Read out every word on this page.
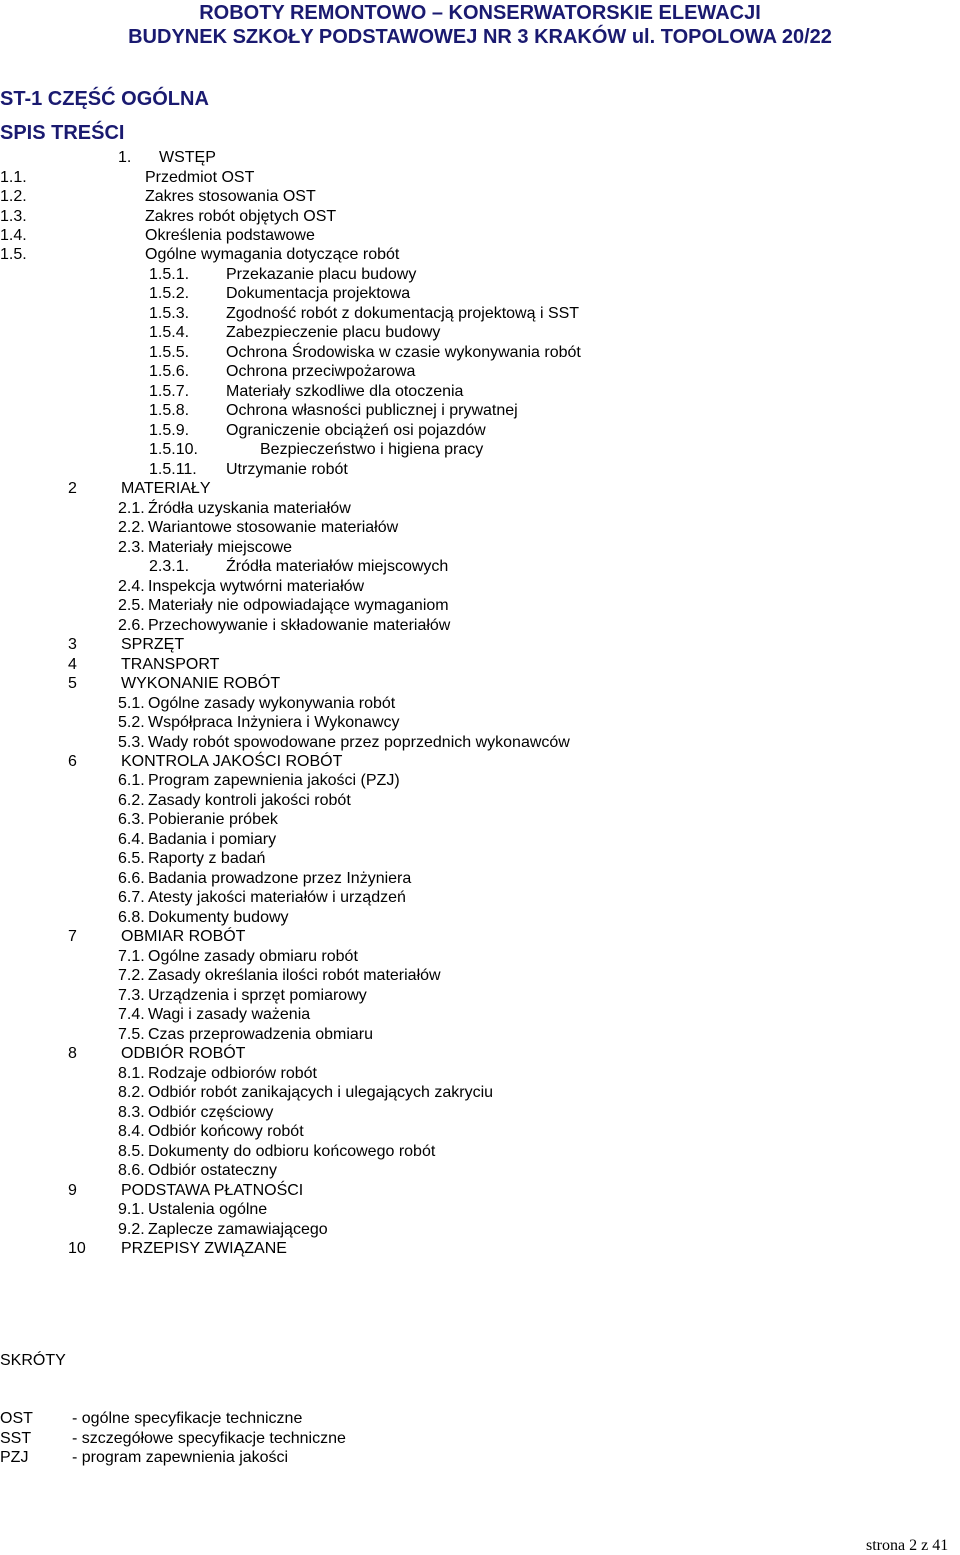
ROBOTY REMONTOWO – KONSERWATORSKIE ELEWACJI
BUDYNEK SZKOŁY PODSTAWOWEJ NR 3 KRAKÓW ul. TOPOLOWA 20/22
ST-1 CZĘŚĆ OGÓLNA
SPIS TREŚCI
1. WSTĘP
1.1.	Przedmiot OST
1.2.	Zakres stosowania OST
1.3.	Zakres robót objętych OST
1.4.	Określenia podstawowe
1.5.	Ogólne wymagania dotyczące robót
1.5.1. Przekazanie placu budowy
1.5.2. Dokumentacja projektowa
1.5.3. Zgodność robót z dokumentacją projektową i SST
1.5.4. Zabezpieczenie placu budowy
1.5.5. Ochrona Środowiska w czasie wykonywania robót
1.5.6. Ochrona przeciwpożarowa
1.5.7. Materiały szkodliwe dla otoczenia
1.5.8. Ochrona własności publicznej i prywatnej
1.5.9. Ograniczenie obciążeń osi pojazdów
1.5.10.	Bezpieczeństwo i higiena pracy
1.5.11. Utrzymanie robót
2	MATERIAŁY
2.1. Źródła uzyskania materiałów
2.2. Wariantowe stosowanie materiałów
2.3. Materiały miejscowe
2.3.1. Źródła materiałów miejscowych
2.4. Inspekcja wytwórni materiałów
2.5. Materiały nie odpowiadające wymaganiom
2.6. Przechowywanie i składowanie materiałów
3	SPRZĘT
4	TRANSPORT
5	WYKONANIE ROBÓT
5.1. Ogólne zasady wykonywania robót
5.2. Współpraca Inżyniera i Wykonawcy
5.3. Wady robót spowodowane przez poprzednich wykonawców
6	KONTROLA JAKOŚCI ROBÓT
6.1. Program zapewnienia jakości (PZJ)
6.2. Zasady kontroli jakości robót
6.3. Pobieranie próbek
6.4. Badania i pomiary
6.5. Raporty z badań
6.6. Badania prowadzone przez Inżyniera
6.7. Atesty jakości materiałów i urządzeń
6.8. Dokumenty budowy
7	OBMIAR ROBÓT
7.1. Ogólne zasady obmiaru robót
7.2. Zasady określania ilości robót materiałów
7.3. Urządzenia i sprzęt pomiarowy
7.4. Wagi i zasady ważenia
7.5. Czas przeprowadzenia obmiaru
8	ODBIÓR ROBÓT
8.1. Rodzaje odbiorów robót
8.2. Odbiór robót zanikających i ulegających zakryciu
8.3. Odbiór częściowy
8.4. Odbiór końcowy robót
8.5. Dokumenty do odbioru końcowego robót
8.6. Odbiór ostateczny
9	PODSTAWA PŁATNOŚCI
9.1. Ustalenia ogólne
9.2. Zaplecze zamawiającego
10 PRZEPISY ZWIĄZANE
SKRÓTY
OST - ogólne specyfikacje techniczne
SST	- szczegółowe specyfikacje techniczne
PZJ	- program zapewnienia jakości
strona 2 z 41
